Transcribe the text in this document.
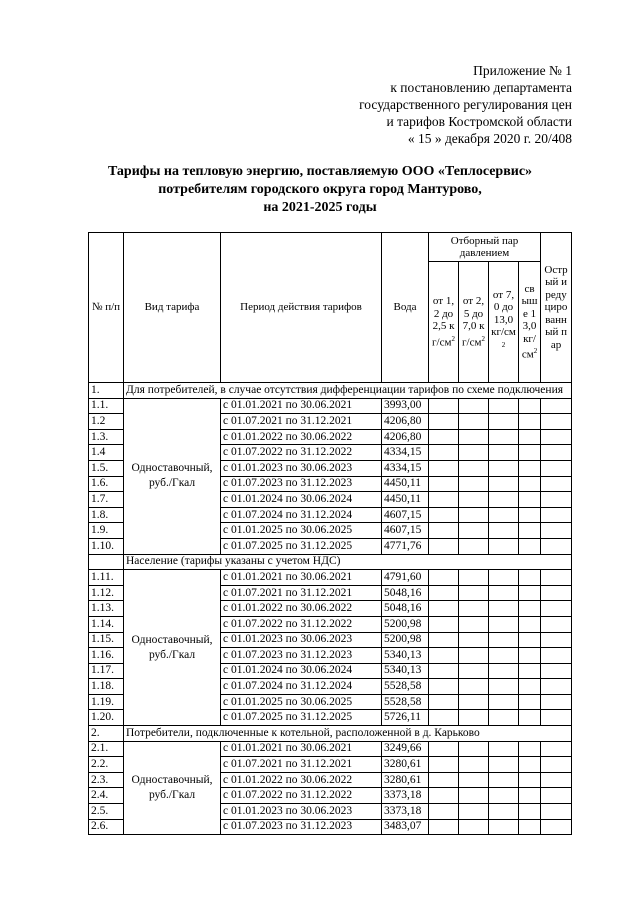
Приложение № 1
к постановлению департамента
государственного регулирования цен
и тарифов Костромской области
« 15 » декабря 2020 г. 20/408
Тарифы на тепловую энергию, поставляемую ООО «Теплосервис»
потребителям городского округа город Мантурово,
на 2021-2025 годы
№ п/п	Вид тарифа	Период действия тарифов	Вода	Отборный пар давлением				Острый и редуцированный пар
				от 1,2 до 2,5 $кг/см^2$	от 2,5 до 7,0 $кг/см^2$	от 7,0 до 13,0 $кг/см^2$	свыше 13,0 $кг/см^2$
1.	Для потребителей, в случае отсутствия дифференциации тарифов по схеме подключения							
1.1.	Одноставочный, руб./Гкал	с 01.01.2021 по 30.06.2021	3993,00					
1.2		с 01.07.2021 по 31.12.2021	4206,80					
1.3.		с 01.01.2022 по 30.06.2022	4206,80					
1.4		с 01.07.2022 по 31.12.2022	4334,15					
1.5.		с 01.01.2023 по 30.06.2023	4334,15					
1.6.		с 01.07.2023 по 31.12.2023	4450,11					
1.7.		с 01.01.2024 по 30.06.2024	4450,11					
1.8.		с 01.07.2024 по 31.12.2024	4607,15					
1.9.		с 01.01.2025 по 30.06.2025	4607,15					
1.10.		с 01.07.2025 по 31.12.2025	4771,76					
	Население (тарифы указаны с учетом НДС)							
1.11.	Одноставочный, руб./Гкал	с 01.01.2021 по 30.06.2021	4791,60					
1.12.		с 01.07.2021 по 31.12.2021	5048,16					
1.13.		с 01.01.2022 по 30.06.2022	5048,16					
1.14.		с 01.07.2022 по 31.12.2022	5200,98					
1.15.		с 01.01.2023 по 30.06.2023	5200,98					
1.16.		с 01.07.2023 по 31.12.2023	5340,13					
1.17.		с 01.01.2024 по 30.06.2024	5340,13					
1.18.		с 01.07.2024 по 31.12.2024	5528,58					
1.19.		с 01.01.2025 по 30.06.2025	5528,58					
1.20.		с 01.07.2025 по 31.12.2025	5726,11					
2.	Потребители, подключенные к котельной, расположенной в д. Карьково							
2.1.	Одноставочный, руб./Гкал	с 01.01.2021 по 30.06.2021	3249,66					
2.2.		с 01.07.2021 по 31.12.2021	3280,61					
2.3.		с 01.01.2022 по 30.06.2022	3280,61					
2.4.		с 01.07.2022 по 31.12.2022	3373,18					
2.5.		с 01.01.2023 по 30.06.2023	3373,18					
2.6.		с 01.07.2023 по 31.12.2023	3483,07					
